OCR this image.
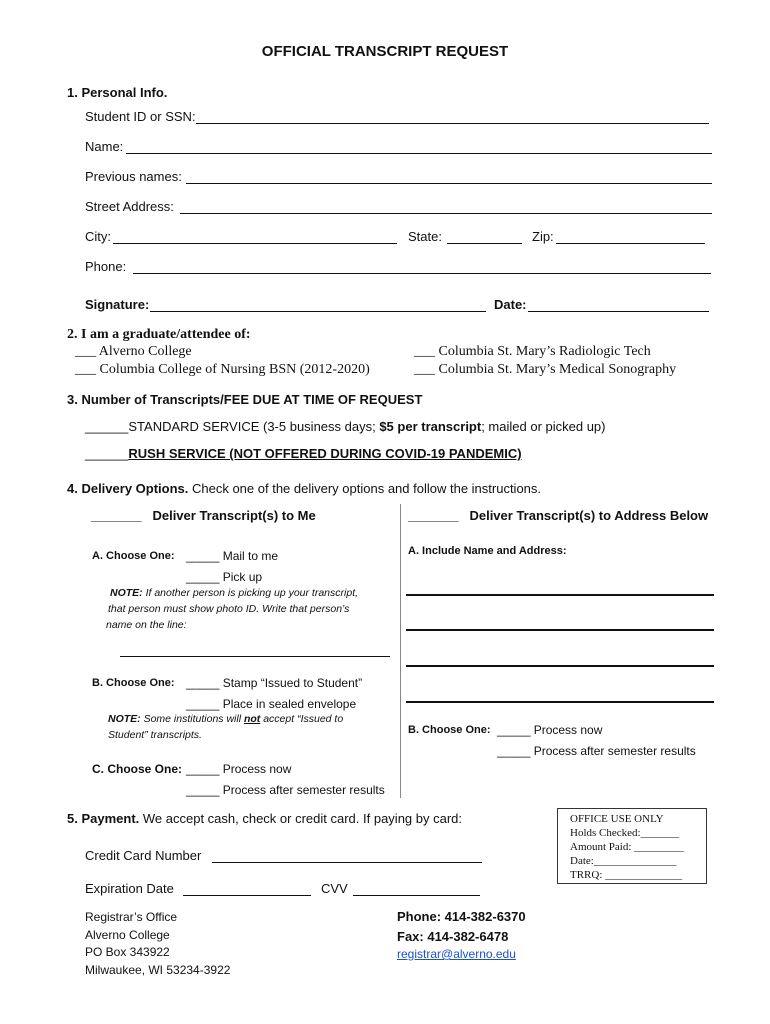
OFFICIAL TRANSCRIPT REQUEST
1. Personal Info.
Student ID or SSN:
Name:
Previous names:
Street Address:
City:	State:	Zip:
Phone:
Signature:	Date:
2. I am a graduate/attendee of:
___ Alverno College
___ Columbia College of Nursing BSN (2012-2020)
___ Columbia St. Mary’s Radiologic Tech
___ Columbia St. Mary’s Medical Sonography
3. Number of Transcripts/FEE DUE AT TIME OF REQUEST
______STANDARD SERVICE (3-5 business days; $5 per transcript; mailed or picked up)
______RUSH SERVICE (NOT OFFERED DURING COVID-19 PANDEMIC)
4. Delivery Options. Check one of the delivery options and follow the instructions.
_______ Deliver Transcript(s) to Me
A. Choose One: _____ Mail to me
_____ Pick up
NOTE: If another person is picking up your transcript,
that person must show photo ID. Write that person’s
name on the line:
B. Choose One: _____ Stamp “Issued to Student”
_____ Place in sealed envelope
NOTE: Some institutions will not accept “Issued to
Student” transcripts.
C. Choose One: _____ Process now
_____ Process after semester results
_______ Deliver Transcript(s) to Address Below
A. Include Name and Address:
B. Choose One: _____ Process now
_____ Process after semester results
5. Payment. We accept cash, check or credit card. If paying by card:
Credit Card Number
Expiration Date	CVV
OFFICE USE ONLY
Holds Checked:_______
Amount Paid: _________
Date:_______________
TRRQ: ______________
Registrar’s Office
Alverno College
PO Box 343922
Milwaukee, WI 53234-3922
Phone: 414-382-6370
Fax: 414-382-6478
registrar@alverno.edu
